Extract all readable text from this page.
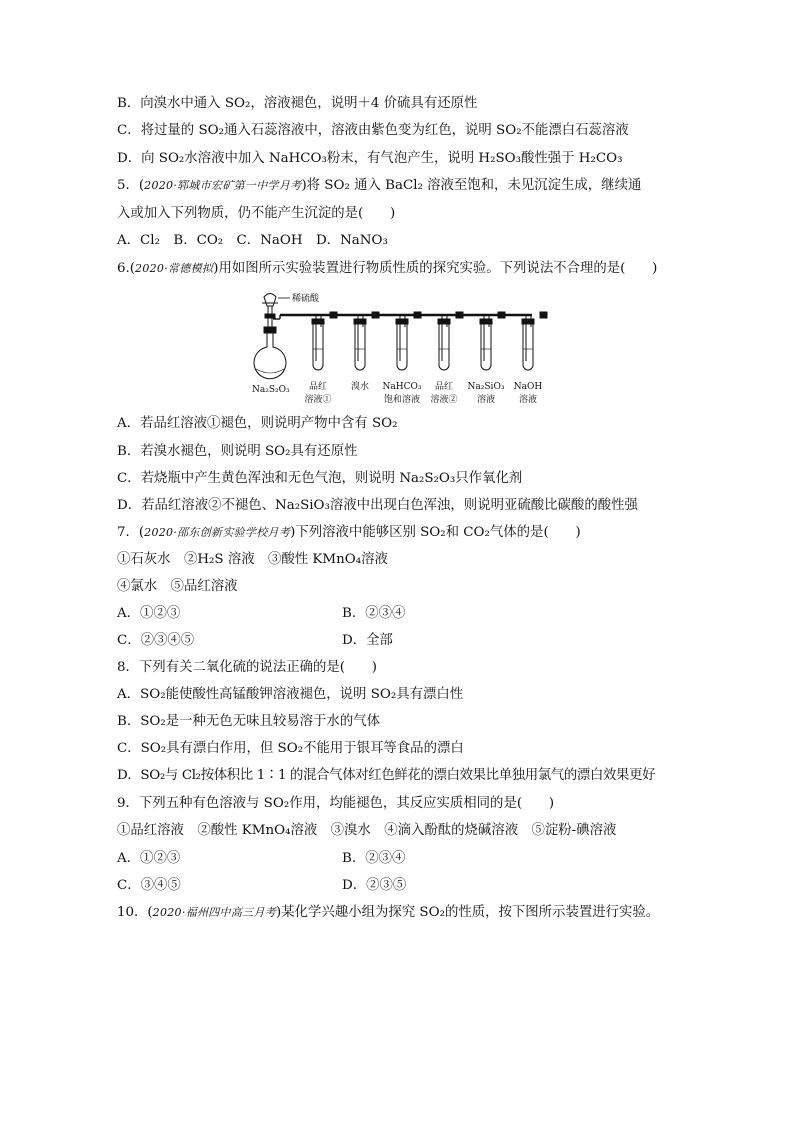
B．向溴水中通入 SO₂，溶液褪色，说明＋4 价硫具有还原性
C．将过量的 SO₂通入石蕊溶液中，溶液由紫色变为红色，说明 SO₂不能漂白石蕊溶液
D．向 SO₂水溶液中加入 NaHCO₃粉末，有气泡产生，说明 H₂SO₃酸性强于 H₂CO₃
5．(2020·郓城市宏矿第一中学月考)将 SO₂ 通入 BaCl₂ 溶液至饱和，未见沉淀生成，继续通
入或加入下列物质，仍不能产生沉淀的是(　　)
A．Cl₂　B．CO₂　C．NaOH　D．NaNO₃
6.(2020·常德模拟)用如图所示实验装置进行物质性质的探究实验。下列说法不合理的是(　　)
稀硫酸
Na₂S₂O₃ 品红
溶液①
溴水 NaHCO₃
饱和溶液
品红
溶液②
Na₂SiO₃
溶液
NaOH
溶液
A．若品红溶液①褪色，则说明产物中含有 SO₂
B．若溴水褪色，则说明 SO₂具有还原性
C．若烧瓶中产生黄色浑浊和无色气泡，则说明 Na₂S₂O₃只作氧化剂
D．若品红溶液②不褪色、Na₂SiO₃溶液中出现白色浑浊，则说明亚硫酸比碳酸的酸性强
7．(2020·邵东创新实验学校月考)下列溶液中能够区别 SO₂和 CO₂气体的是(　　)
①石灰水　②H₂S 溶液　③酸性 KMnO₄溶液
④氯水　⑤品红溶液
A．①②③	B．②③④
C．②③④⑤	D．全部
8．下列有关二氧化硫的说法正确的是(　　)
A．SO₂能使酸性高锰酸钾溶液褪色，说明 SO₂具有漂白性
B．SO₂是一种无色无味且较易溶于水的气体
C．SO₂具有漂白作用，但 SO₂不能用于银耳等食品的漂白
D．SO₂与 Cl₂按体积比 1∶1 的混合气体对红色鲜花的漂白效果比单独用氯气的漂白效果更好
9．下列五种有色溶液与 SO₂作用，均能褪色，其反应实质相同的是(　　)
①品红溶液　②酸性 KMnO₄溶液　③溴水　④滴入酚酞的烧碱溶液　⑤淀粉-碘溶液
A．①②③	B．②③④
C．③④⑤	D．②③⑤
10．(2020·福州四中高三月考)某化学兴趣小组为探究 SO₂的性质，按下图所示装置进行实验。
